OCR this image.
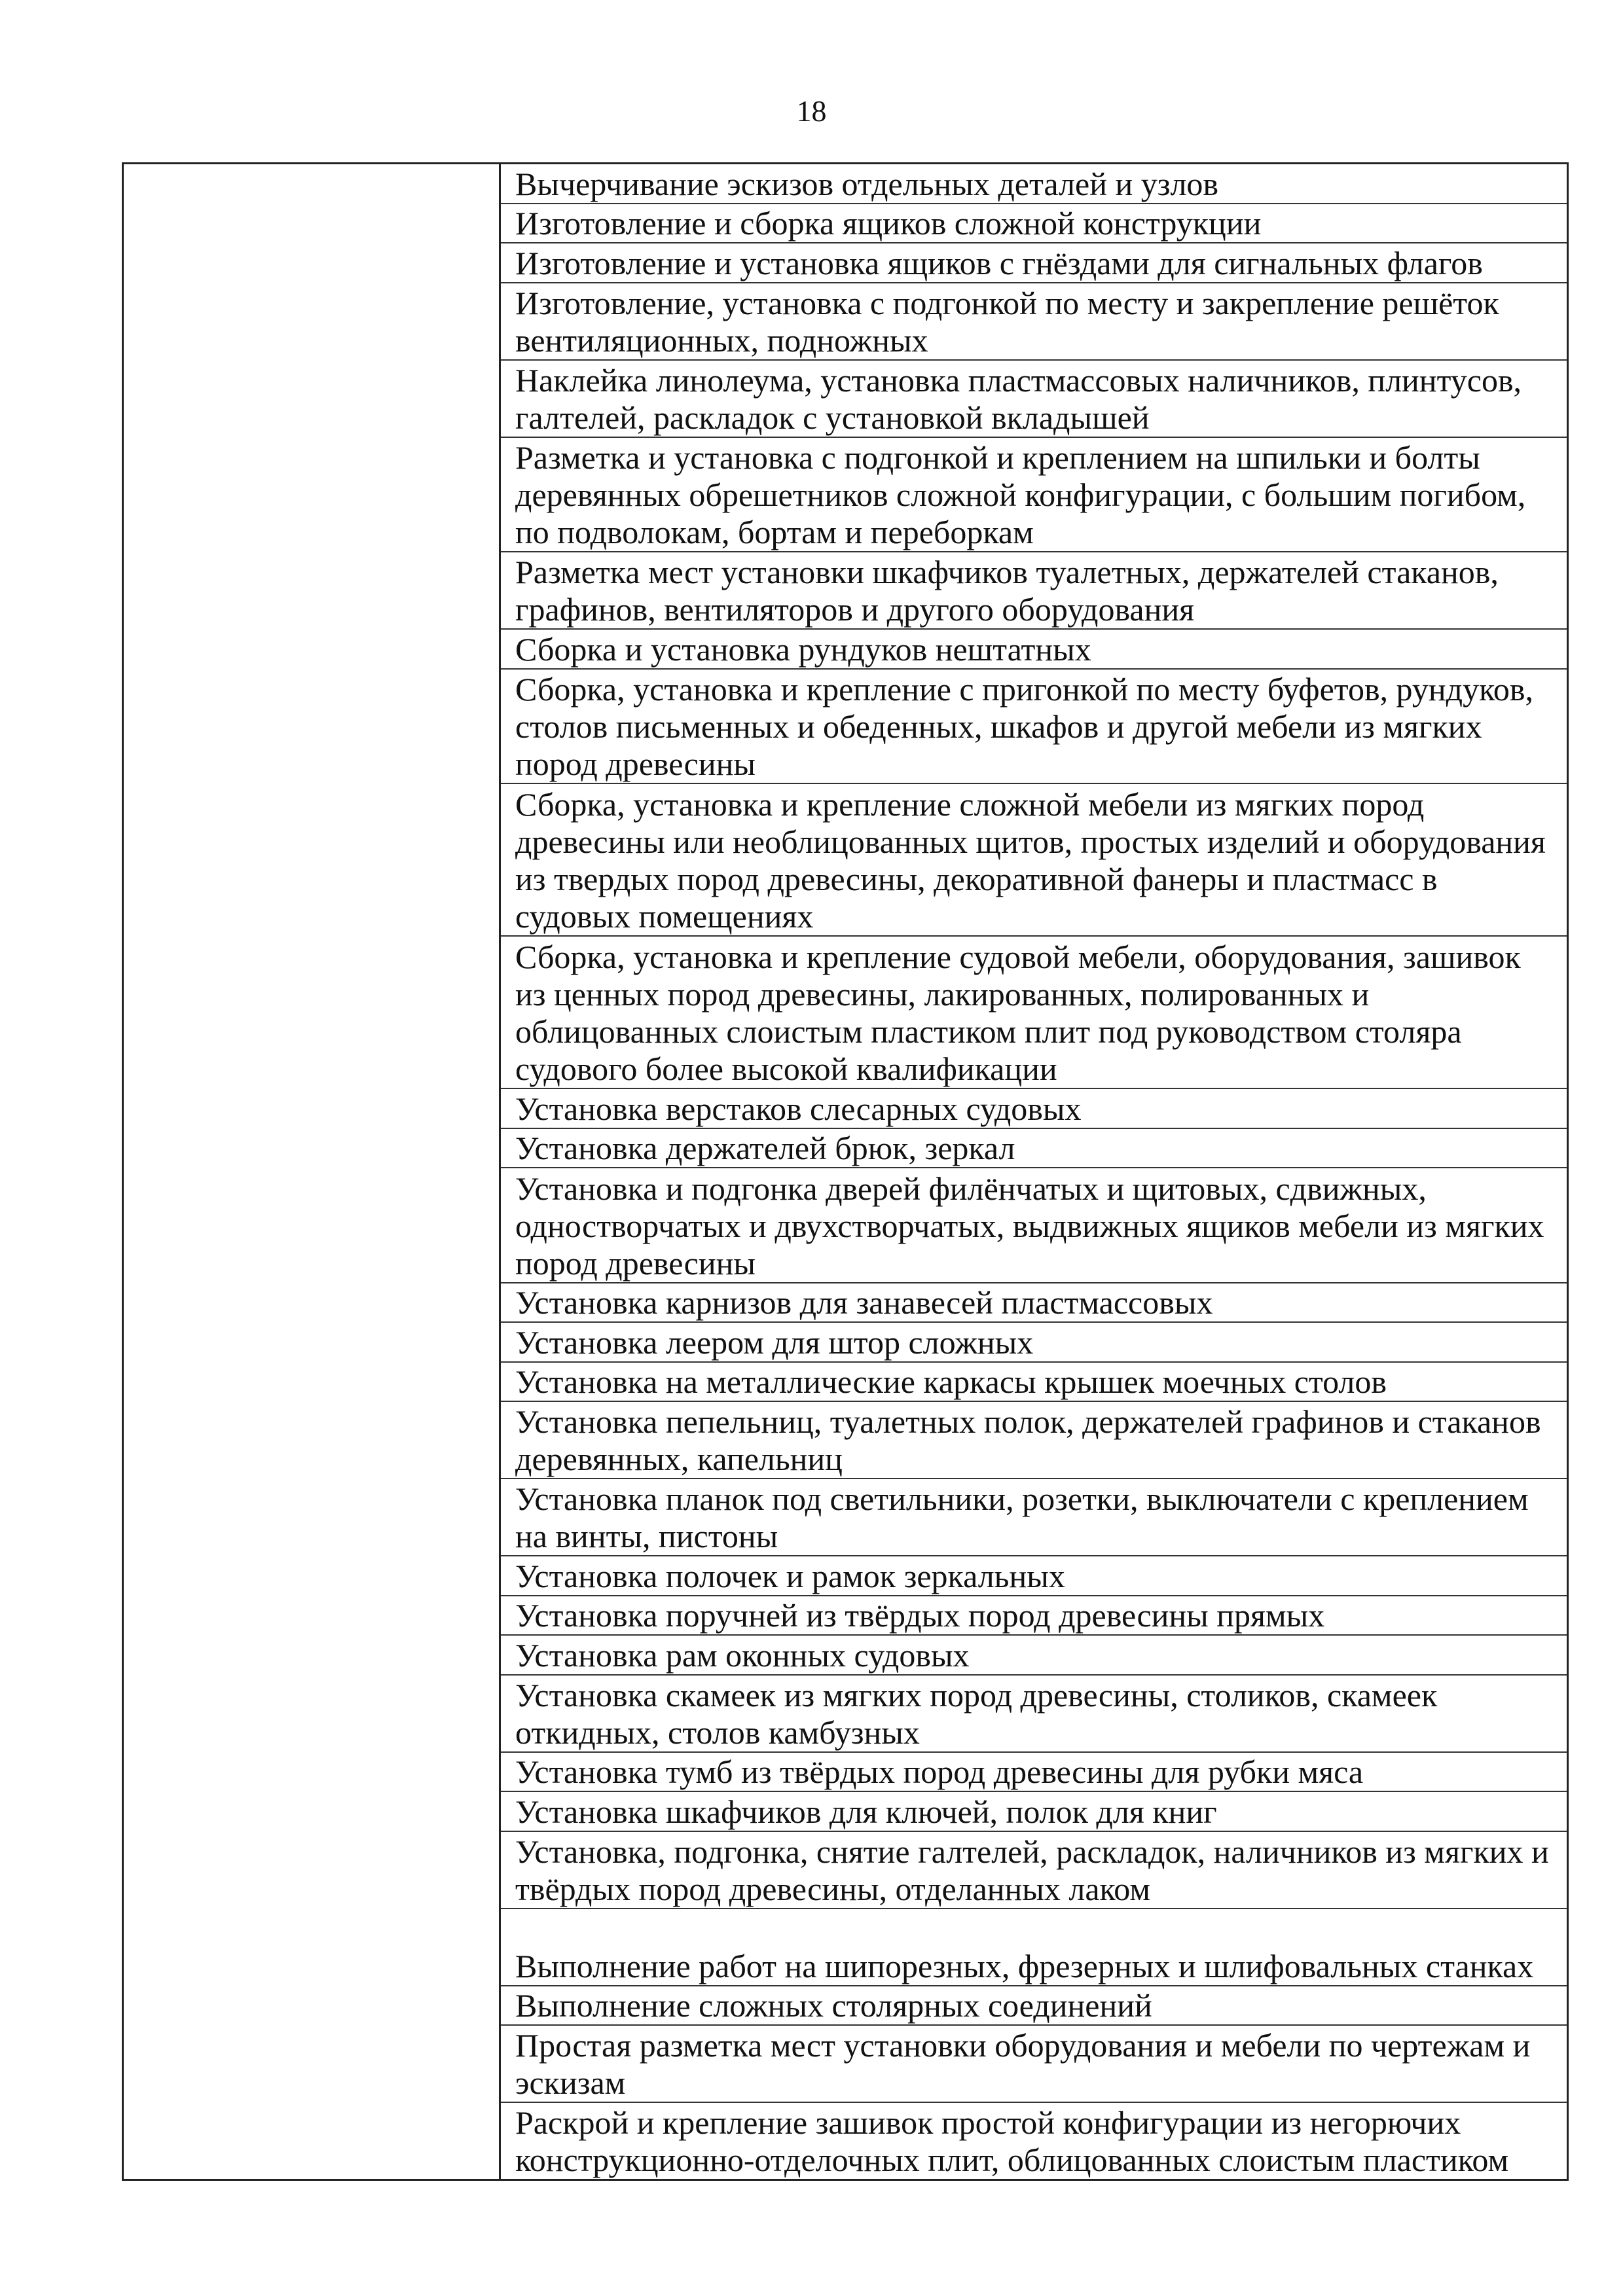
18
Вычерчивание эскизов отдельных деталей и узлов
Изготовление и сборка ящиков сложной конструкции
Изготовление и установка ящиков с гнёздами для сигнальных флагов
Изготовление, установка с подгонкой по месту и закрепление решёток вентиляционных, подножных
Наклейка линолеума, установка пластмассовых наличников, плинтусов, галтелей, раскладок с установкой вкладышей
Разметка и установка с подгонкой и креплением на шпильки и болты деревянных обрешетников сложной конфигурации, с большим погибом, по подволокам, бортам и переборкам
Разметка мест установки шкафчиков туалетных, держателей стаканов, графинов, вентиляторов и другого оборудования
Сборка и установка рундуков нештатных
Сборка, установка и крепление с пригонкой по месту буфетов, рундуков, столов письменных и обеденных, шкафов и другой мебели из мягких пород древесины
Сборка, установка и крепление сложной мебели из мягких пород древесины или необлицованных щитов, простых изделий и оборудования из твердых пород древесины, декоративной фанеры и пластмасс в судовых помещениях
Сборка, установка и крепление судовой мебели, оборудования, зашивок из ценных пород древесины, лакированных, полированных и облицованных слоистым пластиком плит под руководством столяра судового более высокой квалификации
Установка верстаков слесарных судовых
Установка держателей брюк, зеркал
Установка и подгонка дверей филёнчатых и щитовых, сдвижных, одностворчатых и двухстворчатых, выдвижных ящиков мебели из мягких пород древесины
Установка карнизов для занавесей пластмассовых
Установка леером для штор сложных
Установка на металлические каркасы крышек моечных столов
Установка пепельниц, туалетных полок, держателей графинов и стаканов деревянных, капельниц
Установка планок под светильники, розетки, выключатели с креплением на винты, пистоны
Установка полочек и рамок зеркальных
Установка поручней из твёрдых пород древесины прямых
Установка рам оконных судовых
Установка скамеек из мягких пород древесины, столиков, скамеек откидных, столов камбузных
Установка тумб из твёрдых пород древесины для рубки мяса
Установка шкафчиков для ключей, полок для книг
Установка, подгонка, снятие галтелей, раскладок, наличников из мягких и твёрдых пород древесины, отделанных лаком
Выполнение работ на шипорезных, фрезерных и шлифовальных станках
Выполнение сложных столярных соединений
Простая разметка мест установки оборудования и мебели по чертежам и эскизам
Раскрой и крепление зашивок простой конфигурации из негорючих конструкционно-отделочных плит, облицованных слоистым пластиком
